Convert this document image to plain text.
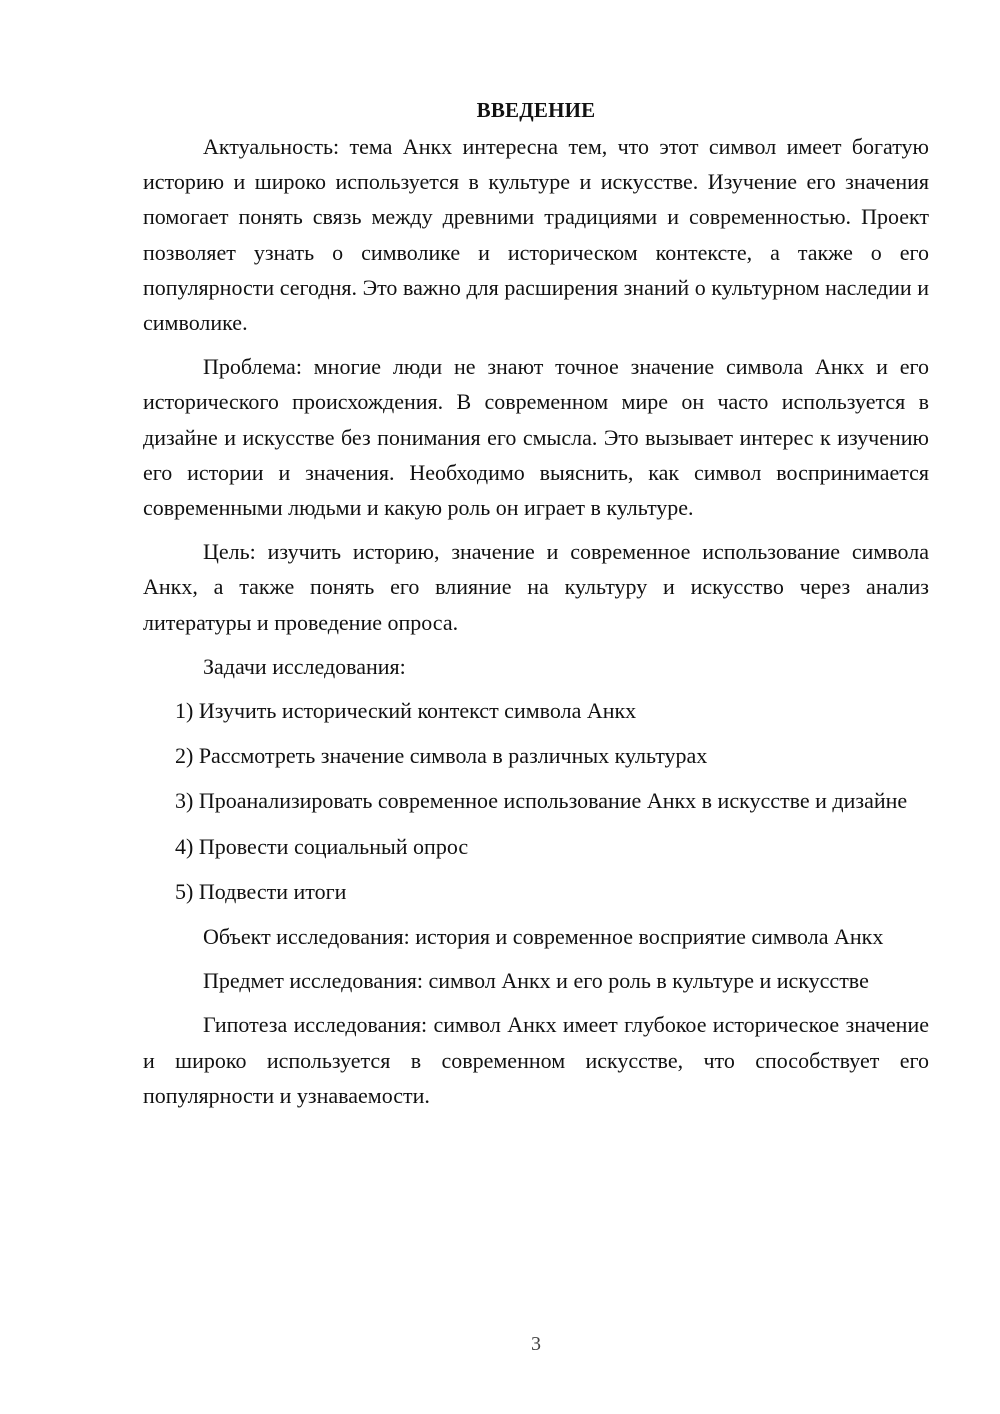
ВВЕДЕНИЕ

Актуальность: тема Анкх интересна тем, что этот символ имеет богатую историю и широко используется в культуре и искусстве. Изучение его значения помогает понять связь между древними традициями и современностью. Проект позволяет узнать о символике и историческом контексте, а также о его популярности сегодня. Это важно для расширения знаний о культурном наследии и символике.

Проблема: многие люди не знают точное значение символа Анкх и его исторического происхождения. В современном мире он часто используется в дизайне и искусстве без понимания его смысла. Это вызывает интерес к изучению его истории и значения. Необходимо выяснить, как символ воспринимается современными людьми и какую роль он играет в культуре.

Цель: изучить историю, значение и современное использование символа Анкх, а также понять его влияние на культуру и искусство через анализ литературы и проведение опроса.

Задачи исследования:

1) Изучить исторический контекст символа Анкх
2) Рассмотреть значение символа в различных культурах
3) Проанализировать современное использование Анкх в искусстве и дизайне
4) Провести социальный опрос
5) Подвести итоги

Объект исследования: история и современное восприятие символа Анкх

Предмет исследования: символ Анкх и его роль в культуре и искусстве

Гипотеза исследования: символ Анкх имеет глубокое историческое значение и широко используется в современном искусстве, что способствует его популярности и узнаваемости.

3
